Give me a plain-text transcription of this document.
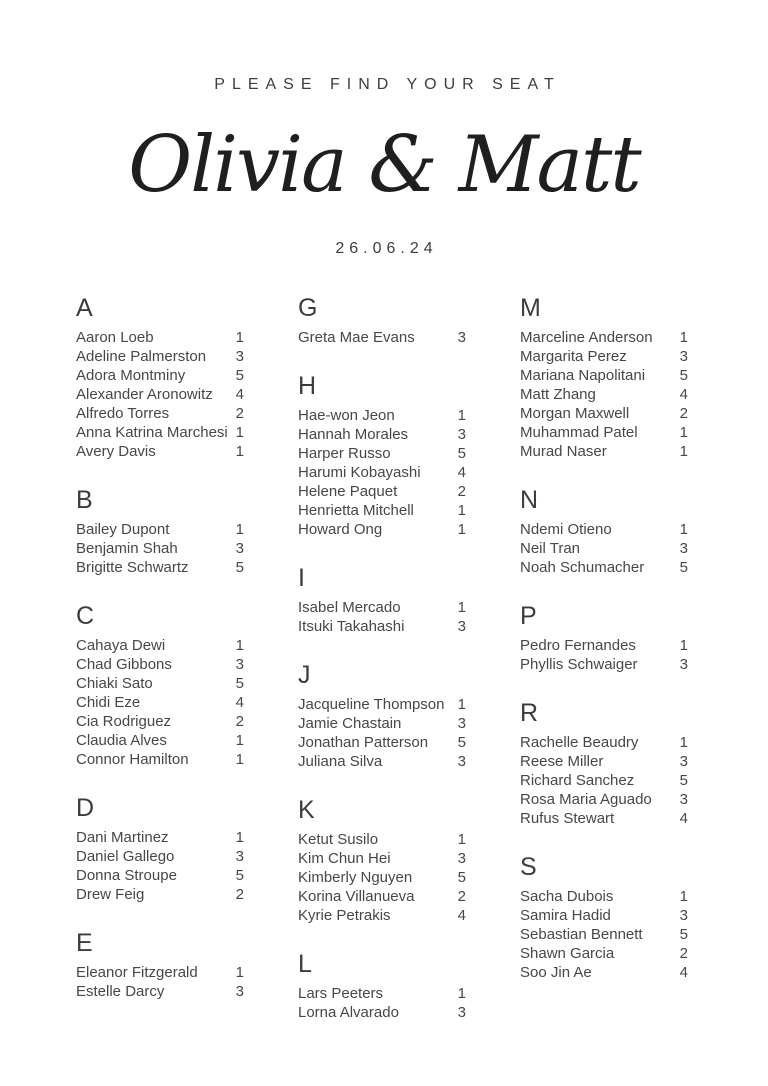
PLEASE FIND YOUR SEAT
Olivia & Matt
26.06.24
A
Aaron Loeb	1
Adeline Palmerston	3
Adora Montminy	5
Alexander Aronowitz	4
Alfredo Torres	2
Anna Katrina Marchesi 1
Avery Davis	1
B
Bailey Dupont	1
Benjamin Shah	3
Brigitte Schwartz	5
C
Cahaya Dewi	1
Chad Gibbons	3
Chiaki Sato	5
Chidi Eze	4
Cia Rodriguez	2
Claudia Alves	1
Connor Hamilton	1
D
Dani Martinez	1
Daniel Gallego	3
Donna Stroupe	5
Drew Feig	2
E
Eleanor Fitzgerald	1
Estelle Darcy	3
G
Greta Mae Evans	3
H
Hae-won Jeon	1
Hannah Morales	3
Harper Russo	5
Harumi Kobayashi	4
Helene Paquet	2
Henrietta Mitchell	1
Howard Ong	1
I
Isabel Mercado	1
Itsuki Takahashi	3
J
Jacqueline Thompson 1
Jamie Chastain	3
Jonathan Patterson	5
Juliana Silva	3
K
Ketut Susilo	1
Kim Chun Hei	3
Kimberly Nguyen	5
Korina Villanueva	2
Kyrie Petrakis	4
L
Lars Peeters	1
Lorna Alvarado	3
M
Marceline Anderson	1
Margarita Perez	3
Mariana Napolitani	5
Matt Zhang	4
Morgan Maxwell	2
Muhammad Patel	1
Murad Naser	1
N
Ndemi Otieno	1
Neil Tran	3
Noah Schumacher	5
P
Pedro Fernandes	1
Phyllis Schwaiger	3
R
Rachelle Beaudry	1
Reese Miller	3
Richard Sanchez	5
Rosa Maria Aguado	3
Rufus Stewart	4
S
Sacha Dubois	1
Samira Hadid	3
Sebastian Bennett	5
Shawn Garcia	2
Soo Jin Ae	4
